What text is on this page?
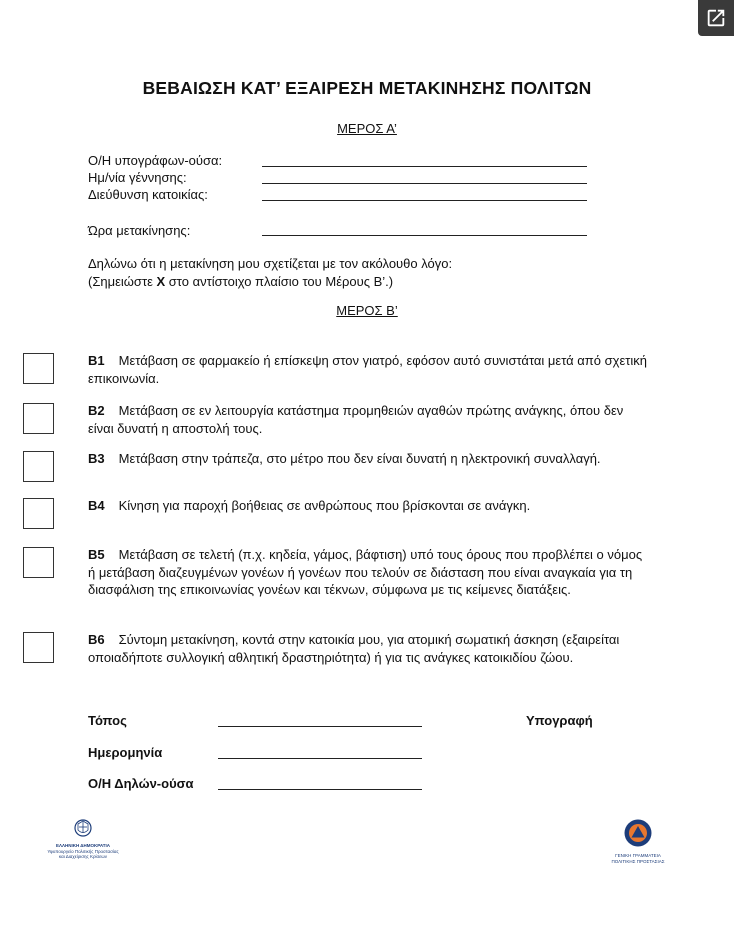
ΒΕΒΑΙΩΣΗ ΚΑΤ’ ΕΞΑΙΡΕΣΗ ΜΕΤΑΚΙΝΗΣΗΣ ΠΟΛΙΤΩΝ
ΜΕΡΟΣ Α’
Ο/Η υπογράφων-ούσα:
Ημ/νία γέννησης:
Διεύθυνση κατοικίας:
Ώρα μετακίνησης:
Δηλώνω ότι η μετακίνηση μου σχετίζεται με τον ακόλουθο λόγο:
(Σημειώστε X στο αντίστοιχο πλαίσιο του Μέρους Β’.)
ΜΕΡΟΣ Β’
B1 Μετάβαση σε φαρμακείο ή επίσκεψη στον γιατρό, εφόσον αυτό συνιστάται μετά από σχετική επικοινωνία.
B2 Μετάβαση σε εν λειτουργία κατάστημα προμηθειών αγαθών πρώτης ανάγκης, όπου δεν είναι δυνατή η αποστολή τους.
B3 Μετάβαση στην τράπεζα, στο μέτρο που δεν είναι δυνατή η ηλεκτρονική συναλλαγή.
B4 Κίνηση για παροχή βοήθειας σε ανθρώπους που βρίσκονται σε ανάγκη.
B5 Μετάβαση σε τελετή (π.χ. κηδεία, γάμος, βάφτιση) υπό τους όρους που προβλέπει ο νόμος ή μετάβαση διαζευγμένων γονέων ή γονέων που τελούν σε διάσταση που είναι αναγκαία για τη διασφάλιση της επικοινωνίας γονέων και τέκνων, σύμφωνα με τις κείμενες διατάξεις.
B6 Σύντομη μετακίνηση, κοντά στην κατοικία μου, για ατομική σωματική άσκηση (εξαιρείται οποιαδήποτε συλλογική αθλητική δραστηριότητα) ή για τις ανάγκες κατοικιδίου ζώου.
Τόπος
Ημερομηνία
Ο/Η Δηλών-ούσα
Υπογραφή
ΕΛΛΗΝΙΚΗ ΔΗΜΟΚΡΑΤΙΑ
Υφυπουργείο Πολιτικής Προστασίας
και Διαχείρισης Κρίσεων	ΓΕΝΙΚΗ ΓΡΑΜΜΑΤΕΙΑ
ΠΟΛΙΤΙΚΗΣ ΠΡΟΣΤΑΣΙΑΣ
